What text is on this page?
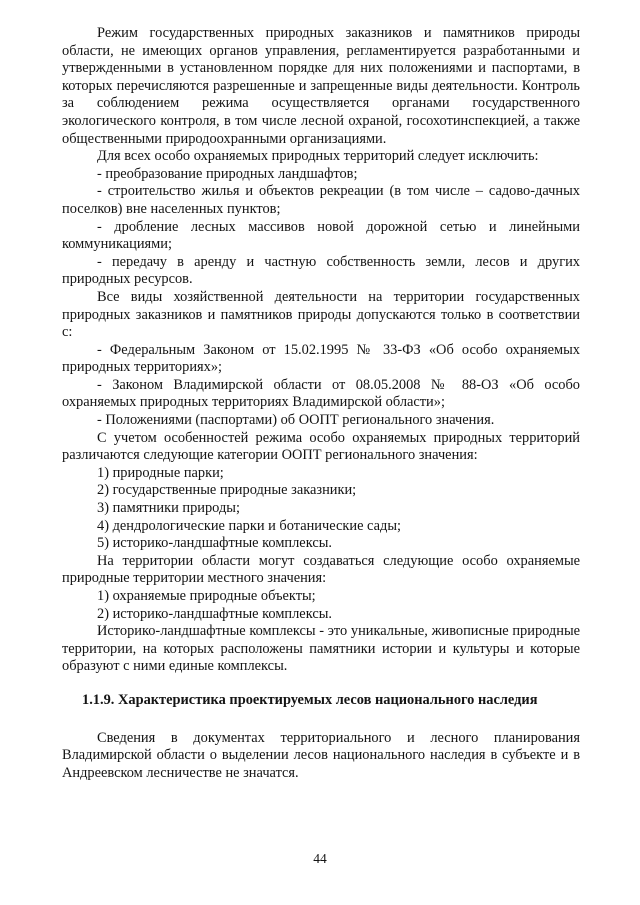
Режим государственных природных заказников и памятников природы области, не имеющих органов управления, регламентируется разработанными и утвержденными в установленном порядке для них положениями и паспортами, в которых перечисляются разрешенные и запрещенные виды деятельности. Контроль за соблюдением режима осуществляется органами государственного экологического контроля, в том числе лесной охраной, госохотинспекцией, а также общественными природоохранными организациями.

Для всех особо охраняемых природных территорий следует исключить:

- преобразование природных ландшафтов;

- строительство жилья и объектов рекреации (в том числе – садово-дачных поселков) вне населенных пунктов;

- дробление лесных массивов новой дорожной сетью и линейными коммуникациями;

- передачу в аренду и частную собственность земли, лесов и других природных ресурсов.

Все виды хозяйственной деятельности на территории государственных природных заказников и памятников природы допускаются только в соответствии с:

- Федеральным Законом от 15.02.1995 № 33-ФЗ «Об особо охраняемых природных территориях»;

- Законом Владимирской области от 08.05.2008 № 88-ОЗ «Об особо охраняемых природных территориях Владимирской области»;

- Положениями (паспортами) об ООПТ регионального значения.

С учетом особенностей режима особо охраняемых природных территорий различаются следующие категории ООПТ регионального значения:

1) природные парки;

2) государственные природные заказники;

3) памятники природы;

4) дендрологические парки и ботанические сады;

5) историко-ландшафтные комплексы.

На территории области могут создаваться следующие особо охраняемые природные территории местного значения:

1) охраняемые природные объекты;

2) историко-ландшафтные комплексы.

Историко-ландшафтные комплексы - это уникальные, живописные природные территории, на которых расположены памятники истории и культуры и которые образуют с ними единые комплексы.

1.1.9. Характеристика проектируемых лесов национального наследия

Сведения в документах территориального и лесного планирования Владимирской области о выделении лесов национального наследия в субъекте и в Андреевском лесничестве не значатся.

44
